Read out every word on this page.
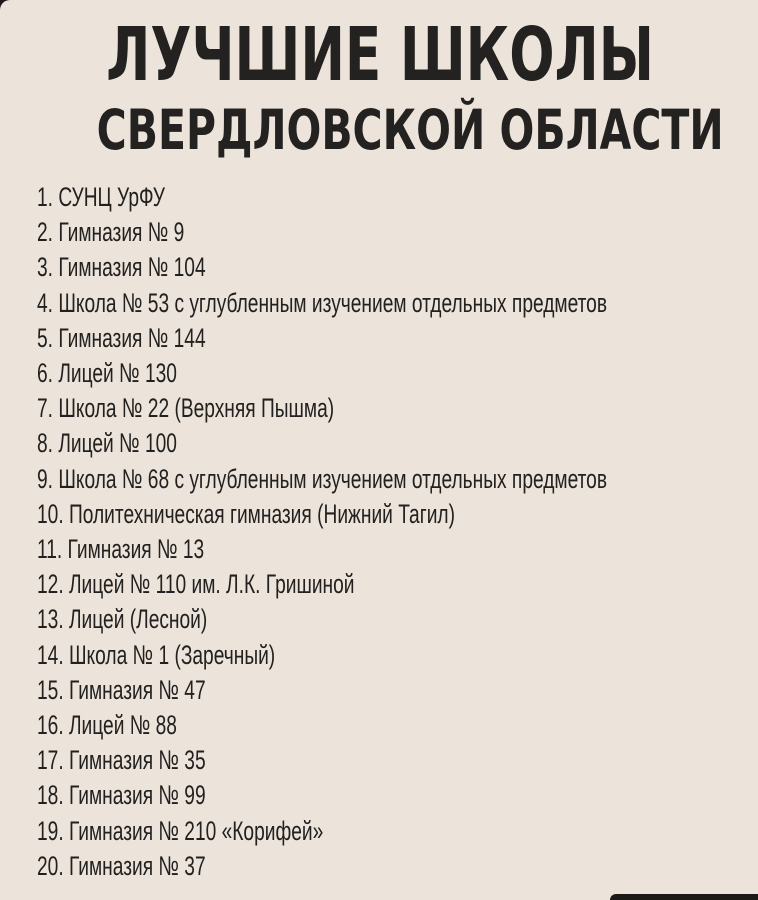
ЛУЧШИЕ ШКОЛЫ
СВЕРДЛОВСКОЙ ОБЛАСТИ
1. СУНЦ УрФУ
2. Гимназия № 9
3. Гимназия № 104
4. Школа № 53 с углубленным изучением отдельных предметов
5. Гимназия № 144
6. Лицей № 130
7. Школа № 22 (Верхняя Пышма)
8. Лицей № 100
9. Школа № 68 с углубленным изучением отдельных предметов
10. Политехническая гимназия (Нижний Тагил)
11. Гимназия № 13
12. Лицей № 110 им. Л.К. Гришиной
13. Лицей (Лесной)
14. Школа № 1 (Заречный)
15. Гимназия № 47
16. Лицей № 88
17. Гимназия № 35
18. Гимназия № 99
19. Гимназия № 210 «Корифей»
20. Гимназия № 37
